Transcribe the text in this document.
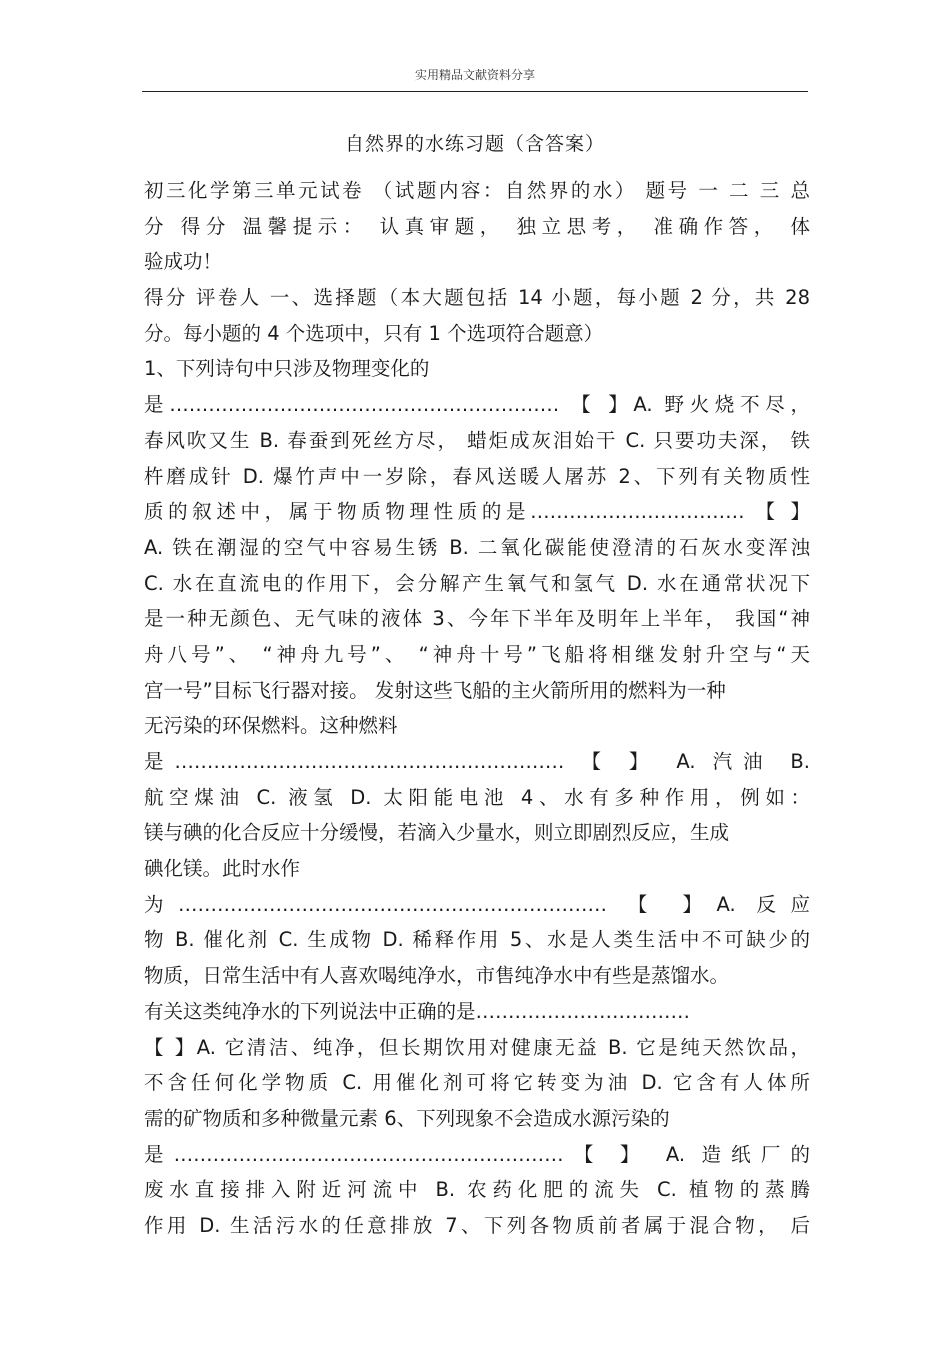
实用精品文献资料分享
自然界的水练习题（含答案）
初三化学第三单元试卷 （试题内容：自然界的水） 题号 一 二 三 总
分 得分 温馨提示： 认真审题， 独立思考， 准确作答， 体
验成功！
得分 评卷人 一、选择题（本大题包括 14 小题，每小题 2 分，共 28
分。每小题的 4 个选项中，只有 1 个选项符合题意）
1、下列诗句中只涉及物理变化的
是…………………………………………………… 【 】A. 野火烧不尽，
春风吹又生 B. 春蚕到死丝方尽， 蜡炬成灰泪始干 C. 只要功夫深， 铁
杵磨成针 D. 爆竹声中一岁除，春风送暖人屠苏 2、下列有关物质性
质的叙述中，属于物质物理性质的是…………………………… 【 】
A. 铁在潮湿的空气中容易生锈 B. 二氧化碳能使澄清的石灰水变浑浊
C. 水在直流电的作用下，会分解产生氧气和氢气 D. 水在通常状况下
是一种无颜色、无气味的液体 3、今年下半年及明年上半年， 我国“神
舟八号”、 “神舟九号”、 “神舟十号”飞船将相继发射升空与“天
宫一号”目标飞行器对接。 发射这些飞船的主火箭所用的燃料为一种
无污染的环保燃料。这种燃料
是…………………………………………………… 【 】 A. 汽油 B.
航空煤油 C. 液氢 D. 太阳能电池 4、水有多种作用，例如：
镁与碘的化合反应十分缓慢，若滴入少量水，则立即剧烈反应，生成
碘化镁。此时水作
为………………………………………………………… 【 】A. 反应
物 B. 催化剂 C. 生成物 D. 稀释作用 5、水是人类生活中不可缺少的
物质，日常生活中有人喜欢喝纯净水，市售纯净水中有些是蒸馏水。
有关这类纯净水的下列说法中正确的是……………………………
【 】A. 它清洁、纯净，但长期饮用对健康无益 B. 它是纯天然饮品，
不含任何化学物质 C. 用催化剂可将它转变为油 D. 它含有人体所
需的矿物质和多种微量元素 6、下列现象不会造成水源污染的
是……………………………………………………【 】 A. 造纸厂的
废水直接排入附近河流中 B. 农药化肥的流失 C. 植物的蒸腾
作用 D. 生活污水的任意排放 7、下列各物质前者属于混合物， 后
